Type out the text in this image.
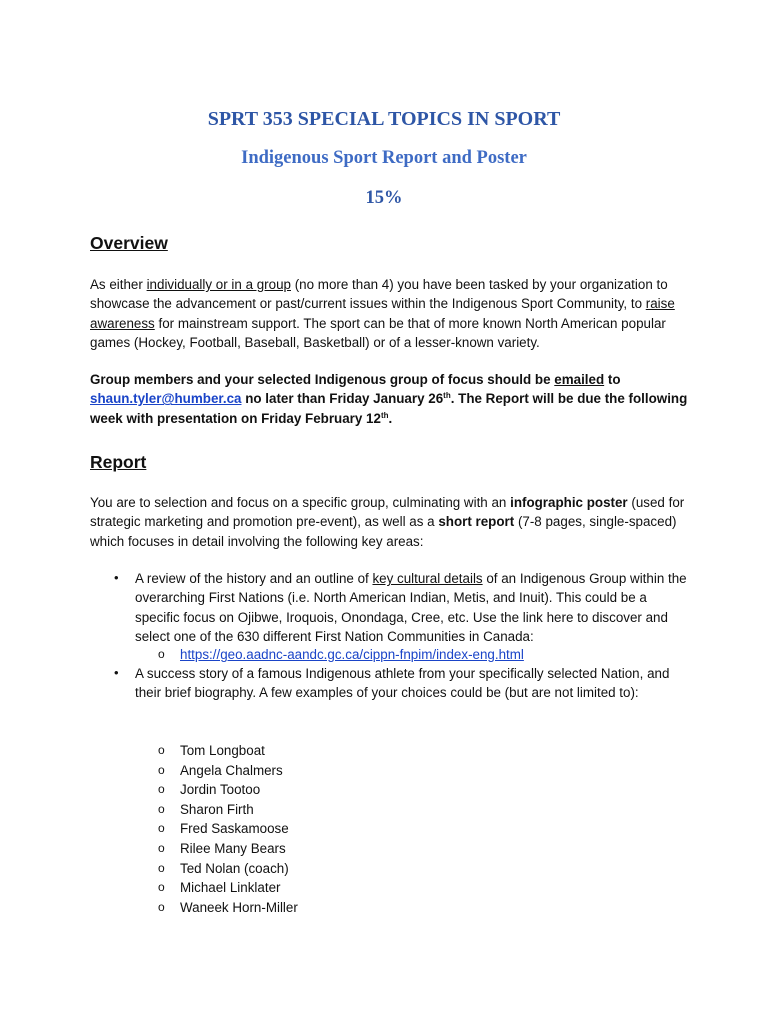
SPRT 353 SPECIAL TOPICS IN SPORT
Indigenous Sport Report and Poster
15%
Overview
As either individually or in a group (no more than 4) you have been tasked by your organization to showcase the advancement or past/current issues within the Indigenous Sport Community, to raise awareness for mainstream support. The sport can be that of more known North American popular games (Hockey, Football, Baseball, Basketball) or of a lesser-known variety.
Group members and your selected Indigenous group of focus should be emailed to shaun.tyler@humber.ca no later than Friday January 26th. The Report will be due the following week with presentation on Friday February 12th.
Report
You are to selection and focus on a specific group, culminating with an infographic poster (used for strategic marketing and promotion pre-event), as well as a short report (7-8 pages, single-spaced) which focuses in detail involving the following key areas:
• A review of the history and an outline of key cultural details of an Indigenous Group within the overarching First Nations (i.e. North American Indian, Metis, and Inuit). This could be a specific focus on Ojibwe, Iroquois, Onondaga, Cree, etc. Use the link here to discover and select one of the 630 different First Nation Communities in Canada:
o https://geo.aadnc-aandc.gc.ca/cippn-fnpim/index-eng.html
• A success story of a famous Indigenous athlete from your specifically selected Nation, and their brief biography. A few examples of your choices could be (but are not limited to):
o Tom Longboat
o Angela Chalmers
o Jordin Tootoo
o Sharon Firth
o Fred Saskamoose
o Rilee Many Bears
o Ted Nolan (coach)
o Michael Linklater
o Waneek Horn-Miller
